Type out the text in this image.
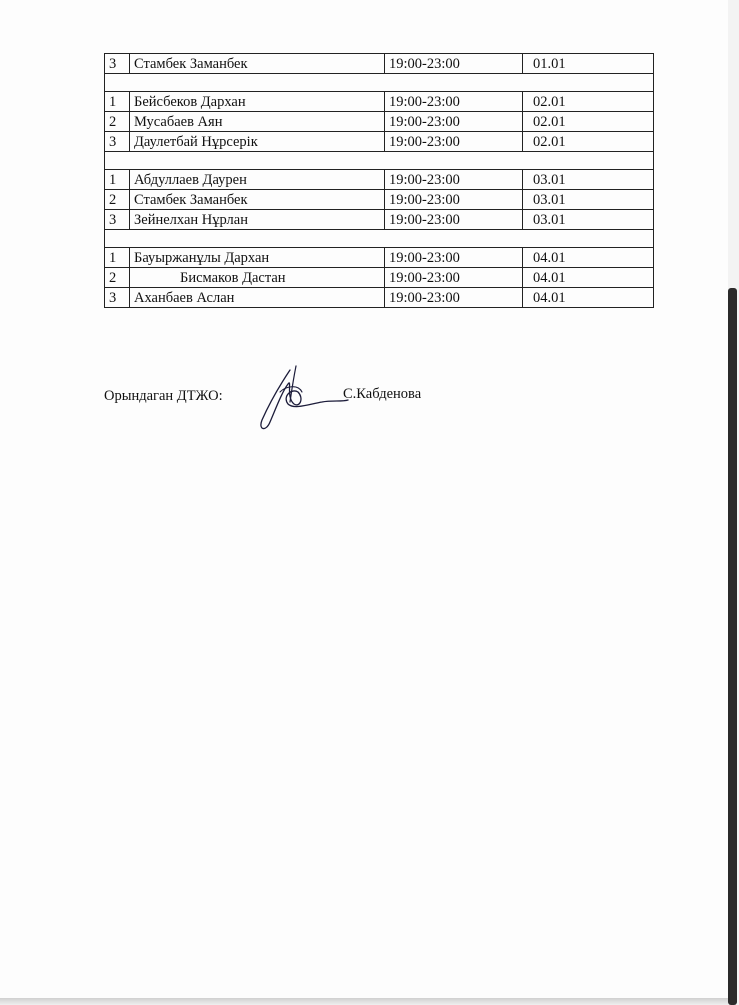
3	Стамбек Заманбек	19:00-23:00	01.01

1	Бейсбеков Дархан	19:00-23:00	02.01
2	Мусабаев Аян	19:00-23:00	02.01
3	Даулетбай Нұрсерік	19:00-23:00	02.01

1	Абдуллаев Даурен	19:00-23:00	03.01
2	Стамбек Заманбек	19:00-23:00	03.01
3	Зейнелхан Нұрлан	19:00-23:00	03.01

1	Бауыржанұлы Дархан	19:00-23:00	04.01
2	Бисмаков Дастан	19:00-23:00	04.01
3	Аханбаев Аслан	19:00-23:00	04.01
Орындаган ДТЖО:	С.Кабденова
